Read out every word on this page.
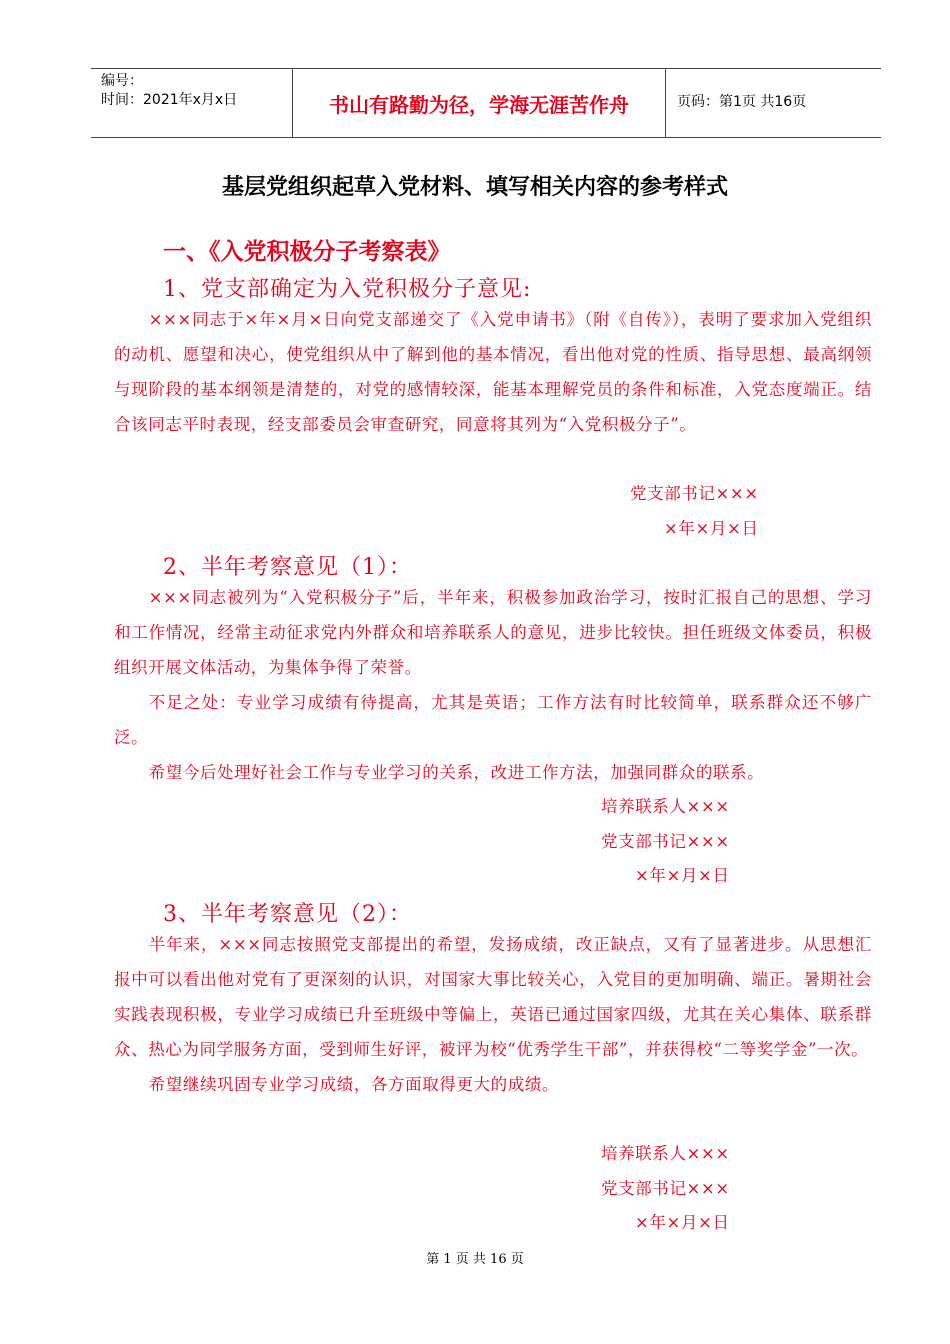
编号：
时间：2021年x月x日	书山有路勤为径，学海无涯苦作舟	页码：第1页 共16页
基层党组织起草入党材料、填写相关内容的参考样式
一、《入党积极分子考察表》
1、党支部确定为入党积极分子意见:

×××同志于×年×月×日向党支部递交了《入党申请书》（附《自传》），表明了要求加入党组织的动机、愿望和决心，使党组织从中了解到他的基本情况，看出他对党的性质、指导思想、最高纲领与现阶段的基本纲领是清楚的，对党的感情较深，能基本理解党员的条件和标准，入党态度端正。结合该同志平时表现，经支部委员会审查研究，同意将其列为“入党积极分子”。

党支部书记×××
×年×月×日
2、半年考察意见（1）：

×××同志被列为“入党积极分子”后，半年来，积极参加政治学习，按时汇报自己的思想、学习和工作情况，经常主动征求党内外群众和培养联系人的意见，进步比较快。担任班级文体委员，积极组织开展文体活动，为集体争得了荣誉。

不足之处：专业学习成绩有待提高，尤其是英语；工作方法有时比较简单，联系群众还不够广泛。

希望今后处理好社会工作与专业学习的关系，改进工作方法，加强同群众的联系。

培养联系人×××
党支部书记×××
×年×月×日
3、半年考察意见（2）：

半年来，×××同志按照党支部提出的希望，发扬成绩，改正缺点，又有了显著进步。从思想汇报中可以看出他对党有了更深刻的认识，对国家大事比较关心，入党目的更加明确、端正。暑期社会实践表现积极，专业学习成绩已升至班级中等偏上，英语已通过国家四级，尤其在关心集体、联系群众、热心为同学服务方面，受到师生好评，被评为校“优秀学生干部”，并获得校“二等奖学金”一次。

希望继续巩固专业学习成绩，各方面取得更大的成绩。

培养联系人×××
党支部书记×××
×年×月×日
第 1 页 共 16 页
